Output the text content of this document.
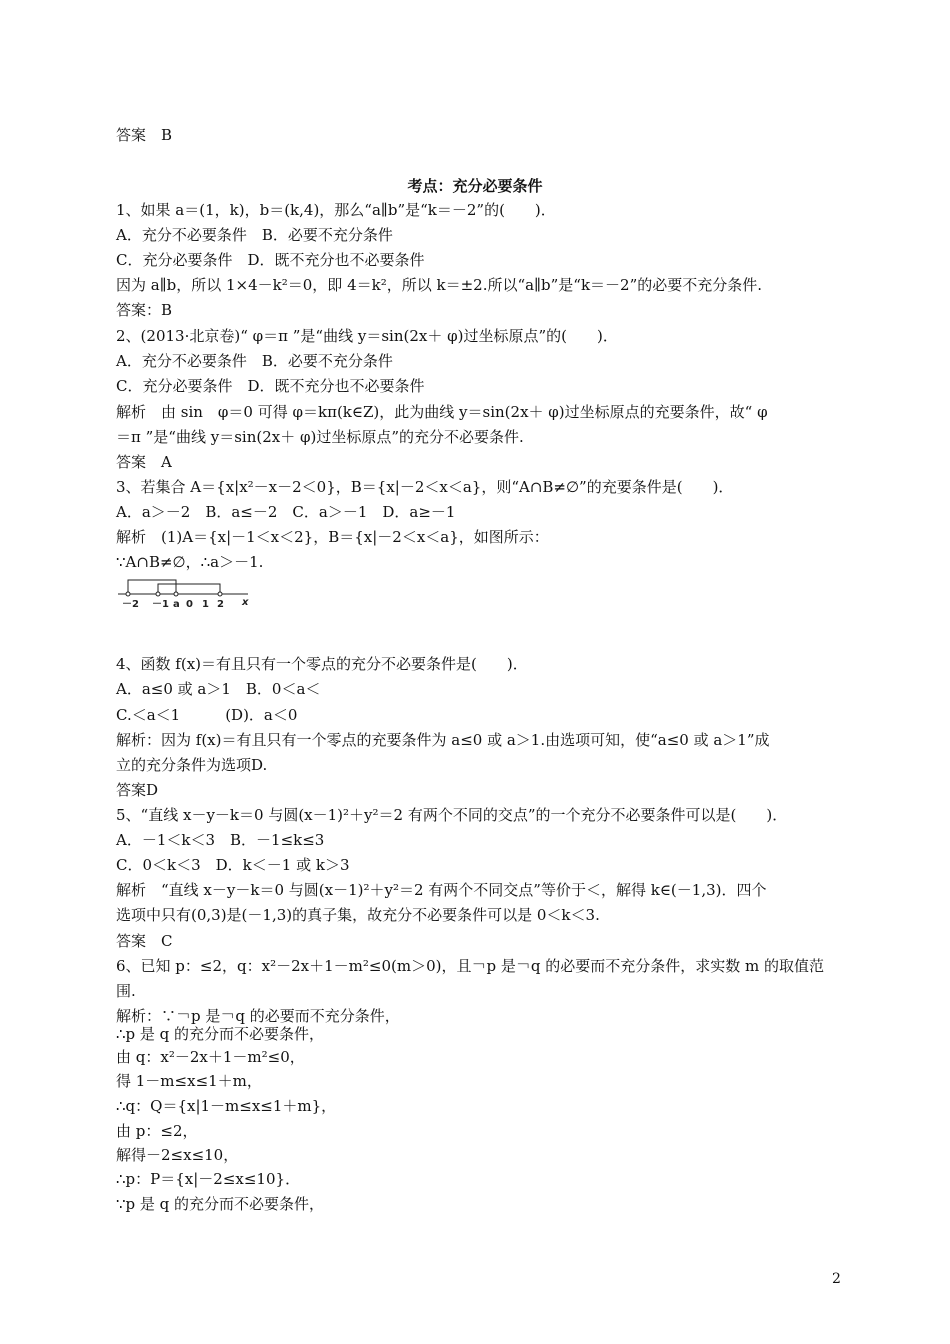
答案　B
考点：充分必要条件
1、如果 a＝(1，k)，b＝(k,4)，那么“a∥b”是“k＝－2”的(　　)．
A．充分不必要条件　B．必要不充分条件
C．充分必要条件　D．既不充分也不必要条件
因为 a∥b，所以 1×4－k²＝0，即 4＝k²，所以 k＝±2.所以“a∥b”是“k＝－2”的必要不充分条件.
答案：B
2、(2013·北京卷)“ φ＝π ”是“曲线 y＝sin(2x＋ φ)过坐标原点”的(　　)．
A．充分不必要条件　B．必要不充分条件
C．充分必要条件　D．既不充分也不必要条件
解析　由 sin　φ＝0 可得 φ＝kπ(k∈Z)，此为曲线 y＝sin(2x＋ φ)过坐标原点的充要条件，故“ φ
＝π ”是“曲线 y＝sin(2x＋ φ)过坐标原点”的充分不必要条件.
答案　A
3、若集合 A＝{x|x²－x－2＜0}，B＝{x|－2＜x＜a}，则“A∩B≠∅”的充要条件是(　　)．
A．a＞－2　B．a≤－2　C．a＞－1　D．a≥－1
解析　(1)A＝{x|－1＜x＜2}，B＝{x|－2＜x＜a}，如图所示：
∵A∩B≠∅，∴a＞－1.
－2 －1 a 0 1 2 x
4、函数 f(x)＝有且只有一个零点的充分不必要条件是(　　)．
A．a≤0 或 a＞1　B．0＜a＜
C.＜a＜1　　　(D)．a＜0
解析：因为 f(x)＝有且只有一个零点的充要条件为 a≤0 或 a＞1.由选项可知，使“a≤0 或 a＞1”成
立的充分条件为选项D.
答案D
5、“直线 x－y－k＝0 与圆(x－1)²＋y²＝2 有两个不同的交点”的一个充分不必要条件可以是(　　)．
A．－1＜k＜3　B．－1≤k≤3
C．0＜k＜3　D．k＜－1 或 k＞3
解析　“直线 x－y－k＝0 与圆(x－1)²＋y²＝2 有两个不同交点”等价于＜，解得 k∈(－1,3)．四个
选项中只有(0,3)是(－1,3)的真子集，故充分不必要条件可以是 0＜k＜3.
答案　C
6、已知 p：≤2，q：x²－2x＋1－m²≤0(m＞0)，且￢p 是￢q 的必要而不充分条件，求实数 m 的取值范
围.
解析：∵￢p 是￢q 的必要而不充分条件，
∴p 是 q 的充分而不必要条件，
由 q：x²－2x＋1－m²≤0，
得 1－m≤x≤1＋m，
∴q：Q＝{x|1－m≤x≤1＋m}，
由 p：≤2，
解得－2≤x≤10，
∴p：P＝{x|－2≤x≤10}．
∵p 是 q 的充分而不必要条件，
2
